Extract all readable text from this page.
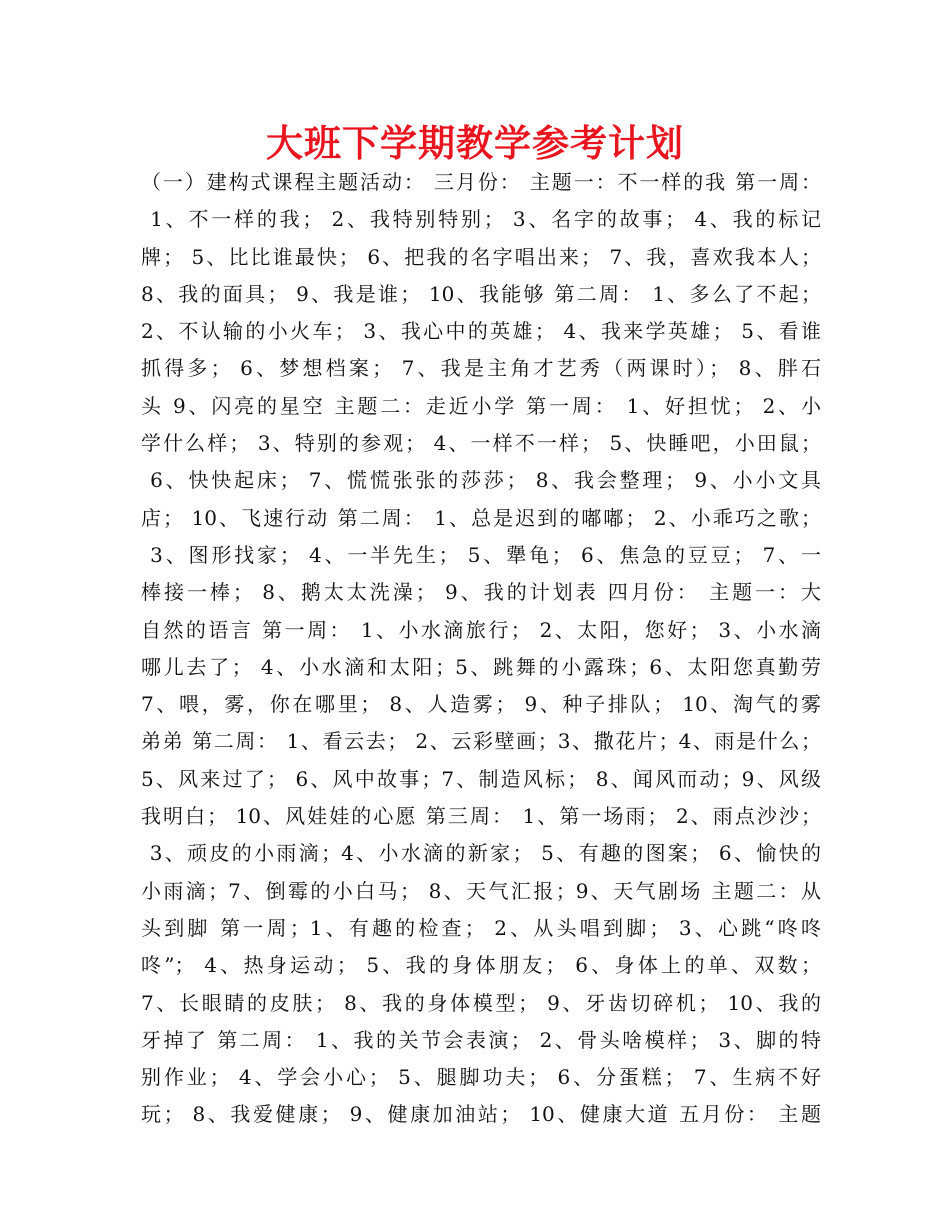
大班下学期教学参考计划
（一）建构式课程主题活动： 三月份： 主题一：不一样的我 第一周：
1、不一样的我； 2、我特别特别； 3、名字的故事； 4、我的标记
牌； 5、比比谁最快； 6、把我的名字唱出来； 7、我，喜欢我本人；
8、我的面具； 9、我是谁； 10、我能够 第二周： 1、多么了不起；
2、不认输的小火车； 3、我心中的英雄； 4、我来学英雄； 5、看谁
抓得多； 6、梦想档案； 7、我是主角才艺秀（两课时）； 8、胖石
头 9、闪亮的星空 主题二：走近小学 第一周： 1、好担忧； 2、小
学什么样； 3、特别的参观； 4、一样不一样； 5、快睡吧，小田鼠；
6、快快起床； 7、慌慌张张的莎莎； 8、我会整理； 9、小小文具
店； 10、飞速行动 第二周： 1、总是迟到的嘟嘟； 2、小乖巧之歌；
3、图形找家； 4、一半先生； 5、犟龟； 6、焦急的豆豆； 7、一
棒接一棒； 8、鹅太太洗澡； 9、我的计划表 四月份： 主题一：大
自然的语言 第一周： 1、小水滴旅行； 2、太阳，您好； 3、小水滴
哪儿去了； 4、小水滴和太阳；5、跳舞的小露珠；6、太阳您真勤劳
7、喂，雾，你在哪里； 8、人造雾； 9、种子排队； 10、淘气的雾
弟弟 第二周： 1、看云去； 2、云彩壁画；3、撒花片；4、雨是什么；
5、风来过了； 6、风中故事；7、制造风标； 8、闻风而动；9、风级
我明白； 10、风娃娃的心愿 第三周： 1、第一场雨； 2、雨点沙沙；
3、顽皮的小雨滴；4、小水滴的新家； 5、有趣的图案； 6、愉快的
小雨滴；7、倒霉的小白马； 8、天气汇报；9、天气剧场 主题二：从
头到脚 第一周；1、有趣的检查； 2、从头唱到脚； 3、心跳“咚咚
咚”； 4、热身运动； 5、我的身体朋友； 6、身体上的单、双数；
7、长眼睛的皮肤； 8、我的身体模型； 9、牙齿切碎机； 10、我的
牙掉了 第二周： 1、我的关节会表演； 2、骨头啥模样； 3、脚的特
别作业； 4、学会小心； 5、腿脚功夫； 6、分蛋糕； 7、生病不好
玩； 8、我爱健康； 9、健康加油站； 10、健康大道 五月份： 主题
